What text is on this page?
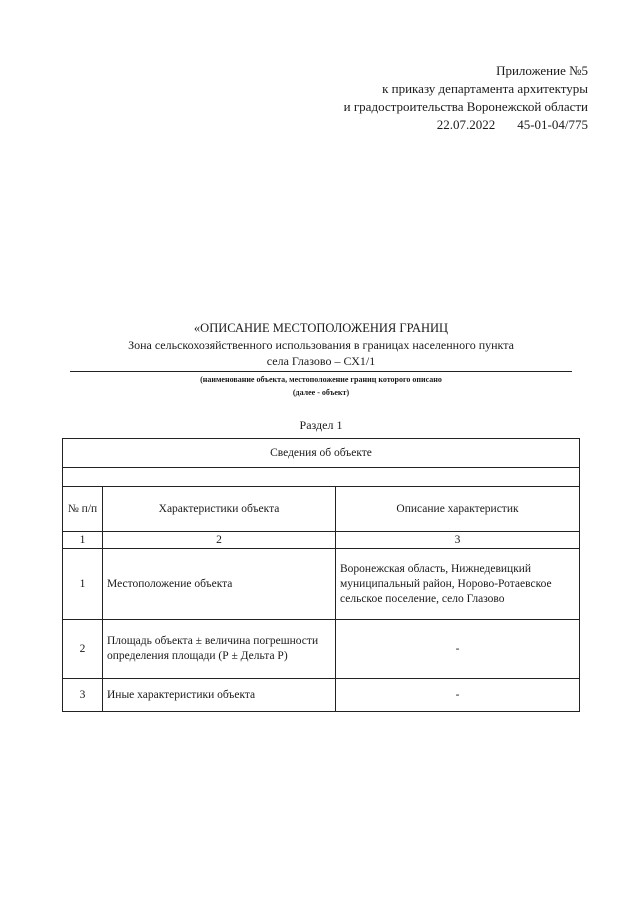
Приложение №5
к приказу департамента архитектуры
и градостроительства Воронежской области
22.07.2022 45-01-04/775
«ОПИСАНИЕ МЕСТОПОЛОЖЕНИЯ ГРАНИЦ
Зона сельскохозяйственного использования в границах населенного пункта
села Глазово – СХ1/1
(наименование объекта, местоположение границ которого описано
(далее - объект)
Раздел 1
Сведения об объекте		

№ п/п	Характеристики объекта	Описание характеристик
1	2	3
1	Местоположение объекта	Воронежская область, Нижнедевицкий муниципальный район, Норово-Ротаевское сельское поселение, село Глазово
2	Площадь объекта ± величина погрешности определения площади (Р ± Дельта Р)	-
3	Иные характеристики объекта	-
